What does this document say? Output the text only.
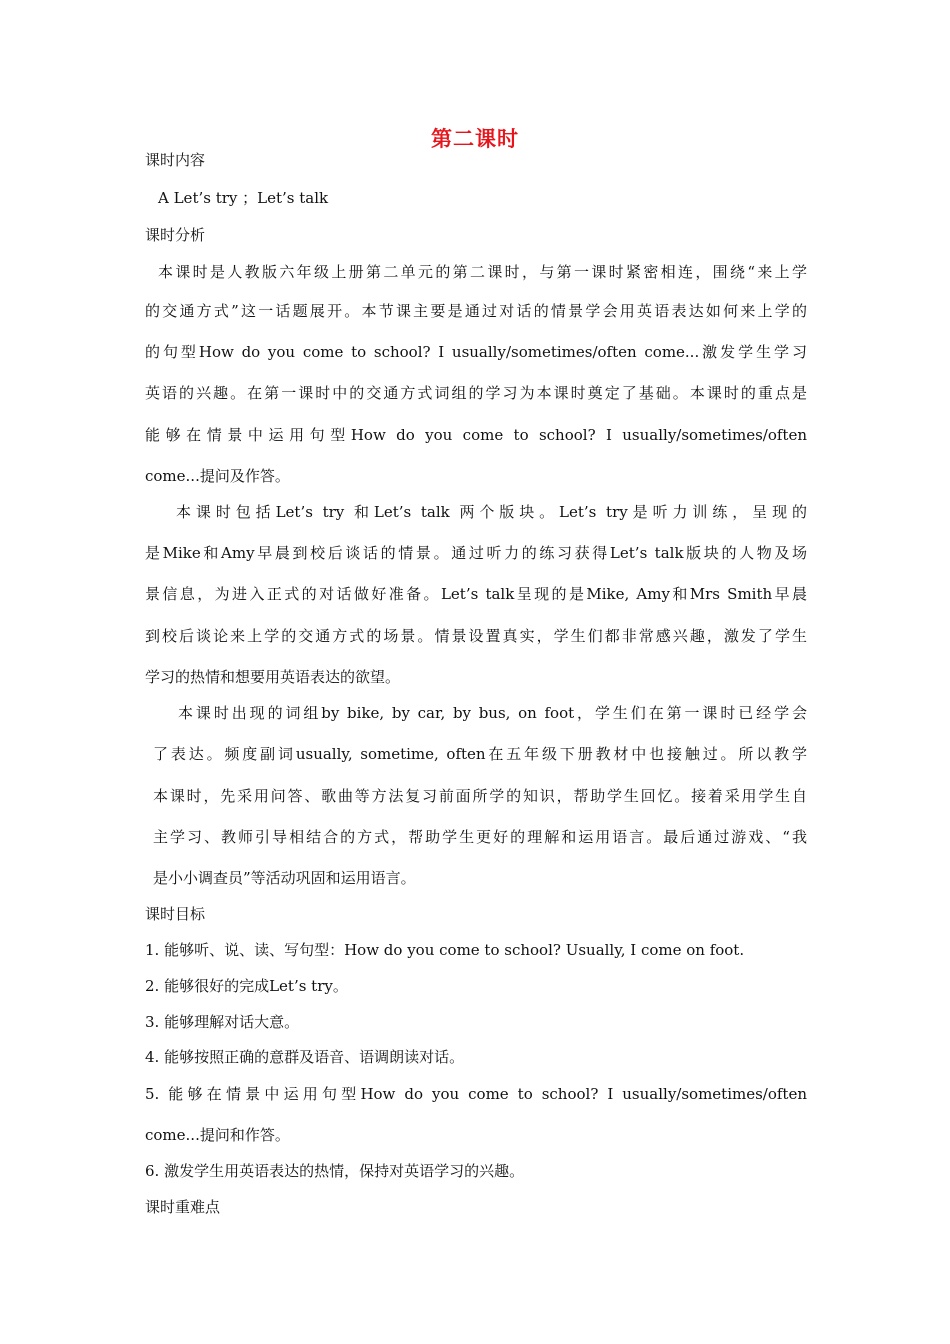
第二课时
课时内容
A Let’s try ；Let’s talk
课时分析
本课时是人教版六年级上册第二单元的第二课时，与第一课时紧密相连，围绕“来上学
的交通方式”这一话题展开。本节课主要是通过对话的情景学会用英语表达如何来上学的
的句型How do you come to school? I usually/sometimes/often come...激发学生学习
英语的兴趣。在第一课时中的交通方式词组的学习为本课时奠定了基础。本课时的重点是
能够在情景中运用句型How do you come to school? I usually/sometimes/often
come...提问及作答。
本课时包括Let’s try 和Let’s talk 两个版块。Let’s try是听力训练，呈现的
是Mike和Amy早晨到校后谈话的情景。通过听力的练习获得Let’s talk版块的人物及场
景信息，为进入正式的对话做好准备。Let’s talk呈现的是Mike, Amy和Mrs Smith早晨
到校后谈论来上学的交通方式的场景。情景设置真实，学生们都非常感兴趣，激发了学生
学习的热情和想要用英语表达的欲望。
本课时出现的词组by bike, by car, by bus, on foot，学生们在第一课时已经学会
了表达。频度副词usually, sometime, often在五年级下册教材中也接触过。所以教学
本课时，先采用问答、歌曲等方法复习前面所学的知识，帮助学生回忆。接着采用学生自
主学习、教师引导相结合的方式，帮助学生更好的理解和运用语言。最后通过游戏、“我
是小小调查员”等活动巩固和运用语言。
课时目标
1. 能够听、说、读、写句型：How do you come to school? Usually, I come on foot.
2. 能够很好的完成Let’s try。
3. 能够理解对话大意。
4. 能够按照正确的意群及语音、语调朗读对话。
5. 能够在情景中运用句型How do you come to school? I usually/sometimes/often
come...提问和作答。
6. 激发学生用英语表达的热情，保持对英语学习的兴趣。
课时重难点
